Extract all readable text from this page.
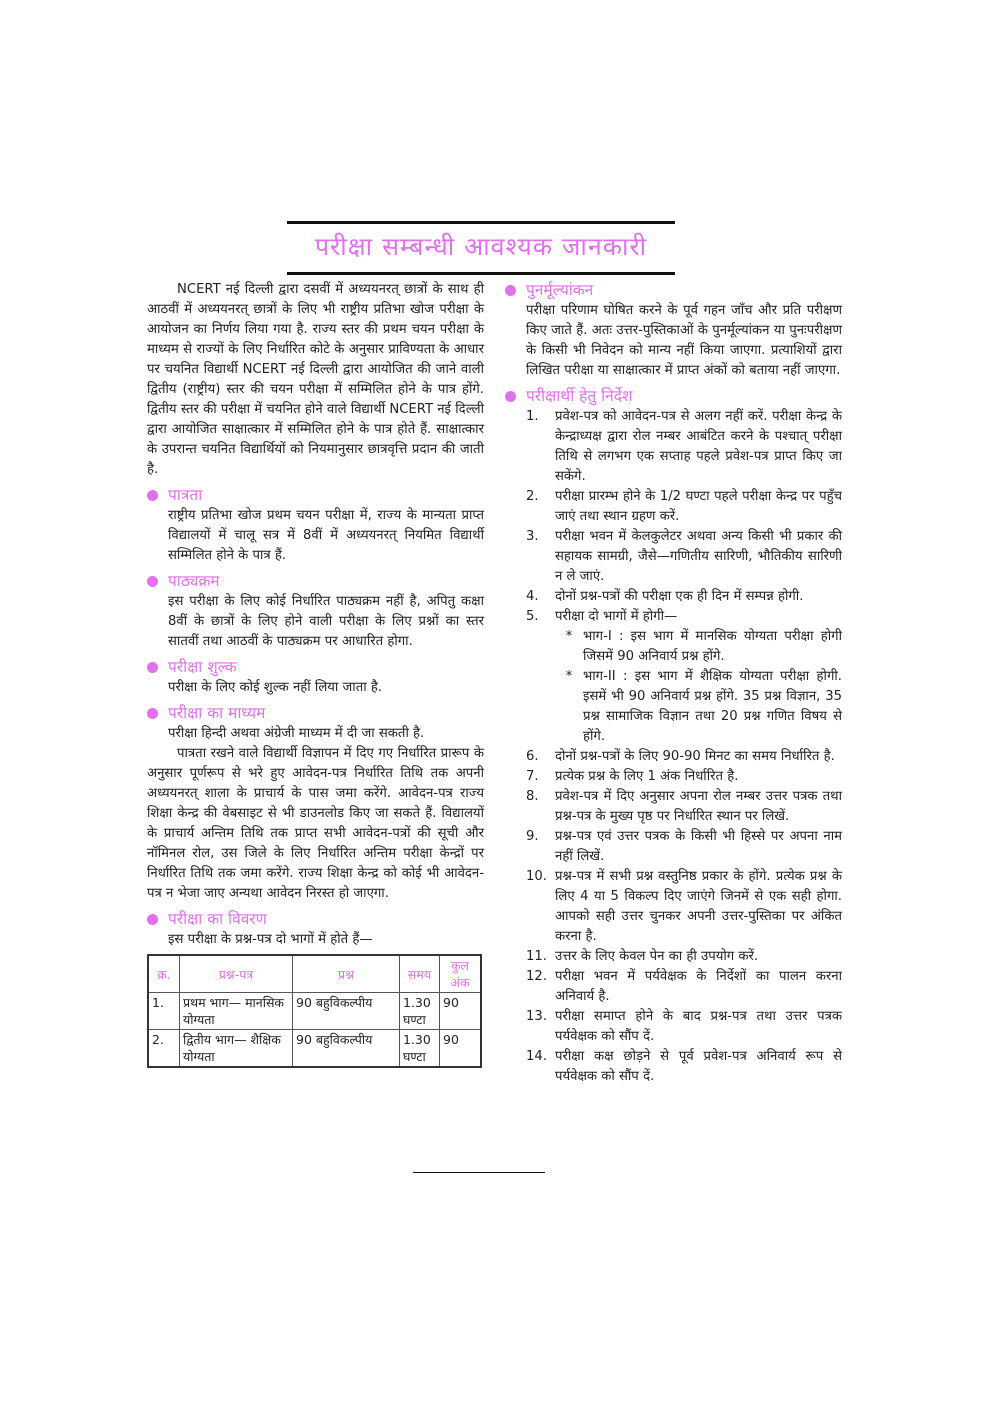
परीक्षा सम्बन्धी आवश्यक जानकारी

NCERT नई दिल्ली द्वारा दसवीं में अध्ययनरत् छात्रों के साथ ही आठवीं में अध्ययनरत् छात्रों के लिए भी राष्ट्रीय प्रतिभा खोज परीक्षा के आयोजन का निर्णय लिया गया है. राज्य स्तर की प्रथम चयन परीक्षा के माध्यम से राज्यों के लिए निर्धारित कोटे के अनुसार प्राविण्यता के आधार पर चयनित विद्यार्थी NCERT नई दिल्ली द्वारा आयोजित की जाने वाली द्वितीय (राष्ट्रीय) स्तर की चयन परीक्षा में सम्मिलित होने के पात्र होंगे. द्वितीय स्तर की परीक्षा में चयनित होने वाले विद्यार्थी NCERT नई दिल्ली द्वारा आयोजित साक्षात्कार में सम्मिलित होने के पात्र होते हैं. साक्षात्कार के उपरान्त चयनित विद्यार्थियों को नियमानुसार छात्रवृत्ति प्रदान की जाती है.

पात्रता

राष्ट्रीय प्रतिभा खोज प्रथम चयन परीक्षा में, राज्य के मान्यता प्राप्त विद्यालयों में चालू सत्र में 8वीं में अध्ययनरत् नियमित विद्यार्थी सम्मिलित होने के पात्र हैं.

पाठ्यक्रम

इस परीक्षा के लिए कोई निर्धारित पाठ्यक्रम नहीं है, अपितु कक्षा 8वीं के छात्रों के लिए होने वाली परीक्षा के लिए प्रश्नों का स्तर सातवीं तथा आठवीं के पाठ्यक्रम पर आधारित होगा.

परीक्षा शुल्क

परीक्षा के लिए कोई शुल्क नहीं लिया जाता है.

परीक्षा का माध्यम

परीक्षा हिन्दी अथवा अंग्रेजी माध्यम में दी जा सकती है.

पात्रता रखने वाले विद्यार्थी विज्ञापन में दिए गए निर्धारित प्रारूप के अनुसार पूर्णरूप से भरे हुए आवेदन-पत्र निर्धारित तिथि तक अपनी अध्ययनरत् शाला के प्राचार्य के पास जमा करेंगे. आवेदन-पत्र राज्य शिक्षा केन्द्र की वेबसाइट से भी डाउनलोड किए जा सकते हैं. विद्यालयों के प्राचार्य अन्तिम तिथि तक प्राप्त सभी आवेदन-पत्रों की सूची और नॉमिनल रोल, उस जिले के लिए निर्धारित अन्तिम परीक्षा केन्द्रों पर निर्धारित तिथि तक जमा करेंगे. राज्य शिक्षा केन्द्र को कोई भी आवेदन-पत्र न भेजा जाए अन्यथा आवेदन निरस्त हो जाएगा.

परीक्षा का विवरण

इस परीक्षा के प्रश्न-पत्र दो भागों में होते हैं—

क्र.	प्रश्न-पत्र	प्रश्न	समय	कुल अंक
1.	प्रथम भाग— मानसिक योग्यता	90 बहुविकल्पीय	1.30 घण्टा	90
2.	द्वितीय भाग— शैक्षिक योग्यता	90 बहुविकल्पीय	1.30 घण्टा	90
पुनर्मूल्यांकन

परीक्षा परिणाम घोषित करने के पूर्व गहन जाँच और प्रति परीक्षण किए जाते हैं. अतः उत्तर-पुस्तिकाओं के पुनर्मूल्यांकन या पुनःपरीक्षण के किसी भी निवेदन को मान्य नहीं किया जाएगा. प्रत्याशियों द्वारा लिखित परीक्षा या साक्षात्कार में प्राप्त अंकों को बताया नहीं जाएगा.

परीक्षार्थी हेतु निर्देश
1.	प्रवेश-पत्र को आवेदन-पत्र से अलग नहीं करें. परीक्षा केन्द्र के केन्द्राध्यक्ष द्वारा रोल नम्बर आबंटित करने के पश्चात् परीक्षा तिथि से लगभग एक सप्ताह पहले प्रवेश-पत्र प्राप्त किए जा सकेंगे.
2.	परीक्षा प्रारम्भ होने के 1/2 घण्टा पहले परीक्षा केन्द्र पर पहुँच जाएं तथा स्थान ग्रहण करें.
3.	परीक्षा भवन में केलकुलेटर अथवा अन्य किसी भी प्रकार की सहायक सामग्री, जैसे—गणितीय सारिणी, भौतिकीय सारिणी न ले जाएं.
4.	दोनों प्रश्न-पत्रों की परीक्षा एक ही दिन में सम्पन्न होगी.
5.	परीक्षा दो भागों में होगी—
* भाग-I : इस भाग में मानसिक योग्यता परीक्षा होगी जिसमें 90 अनिवार्य प्रश्न होंगे.
* भाग-II : इस भाग में शैक्षिक योग्यता परीक्षा होगी. इसमें भी 90 अनिवार्य प्रश्न होंगे. 35 प्रश्न विज्ञान, 35 प्रश्न सामाजिक विज्ञान तथा 20 प्रश्न गणित विषय से होंगे.
6.	दोनों प्रश्न-पत्रों के लिए 90-90 मिनट का समय निर्धारित है.
7.	प्रत्येक प्रश्न के लिए 1 अंक निर्धारित है.
8.	प्रवेश-पत्र में दिए अनुसार अपना रोल नम्बर उत्तर पत्रक तथा प्रश्न-पत्र के मुख्य पृष्ठ पर निर्धारित स्थान पर लिखें.
9.	प्रश्न-पत्र एवं उत्तर पत्रक के किसी भी हिस्से पर अपना नाम नहीं लिखें.
10. प्रश्न-पत्र में सभी प्रश्न वस्तुनिष्ठ प्रकार के होंगे. प्रत्येक प्रश्न के लिए 4 या 5 विकल्प दिए जाएंगे जिनमें से एक सही होगा. आपको सही उत्तर चुनकर अपनी उत्तर-पुस्तिका पर अंकित करना है.
11. उत्तर के लिए केवल पेन का ही उपयोग करें.
12. परीक्षा भवन में पर्यवेक्षक के निर्देशों का पालन करना अनिवार्य है.
13. परीक्षा समाप्त होने के बाद प्रश्न-पत्र तथा उत्तर पत्रक पर्यवेक्षक को सौंप दें.
14. परीक्षा कक्ष छोड़ने से पूर्व प्रवेश-पत्र अनिवार्य रूप से पर्यवेक्षक को सौंप दें.
